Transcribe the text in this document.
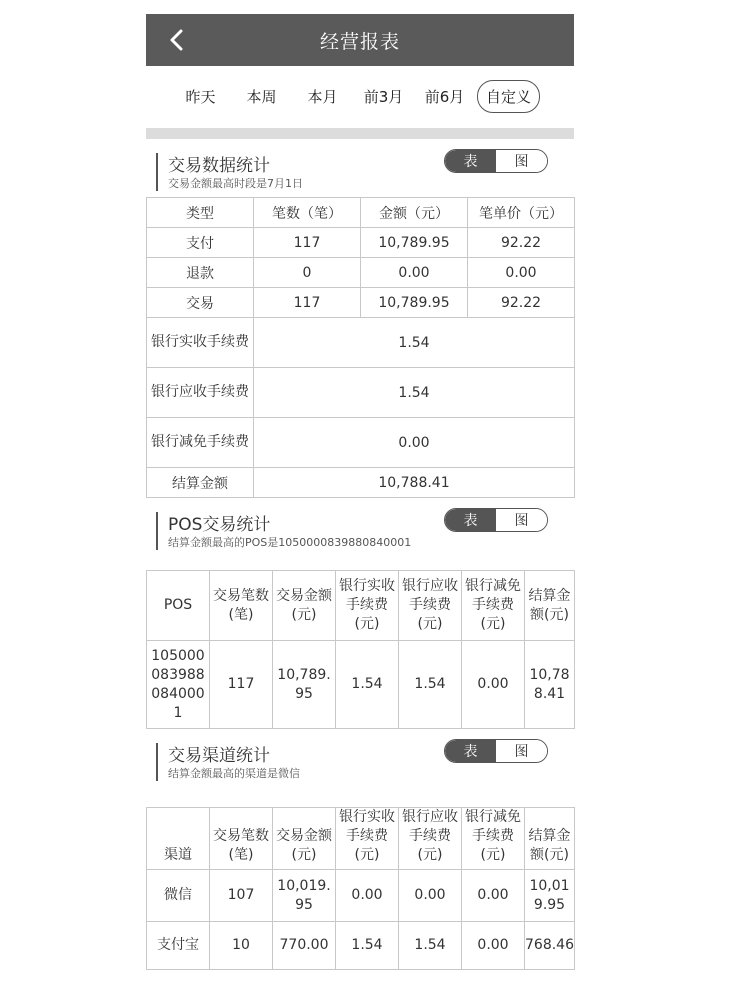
经营报表
昨天	本周	本月	前3月	前6月	自定义
交易数据统计
交易金额最高时段是7月1日
表	图
类型	笔数（笔）	金额（元）	笔单价（元）
支付	117	10,789.95	92.22
退款	0	0.00	0.00
交易	117	10,789.95	92.22
银行实收手续费	1.54		
银行应收手续费	1.54		
银行减免手续费	0.00		
结算金额	10,788.41		
POS交易统计
结算金额最高的POS是1050000839880840001
表	图
POS	交易笔数(笔)	交易金额(元)	银行实收手续费(元)	银行应收手续费(元)	银行减免手续费(元)	结算金额(元)
1050000839880840001	117	10,789.95	1.54	1.54	0.00	10,788.41
交易渠道统计
结算金额最高的渠道是微信
表	图
渠道	交易笔数(笔)	交易金额(元)	银行实收手续费(元)	银行应收手续费(元)	银行减免手续费(元)	结算金额(元)
微信	107	10,019.95	0.00	0.00	0.00	10,019.95
支付宝	10	770.00	1.54	1.54	0.00	768.46
